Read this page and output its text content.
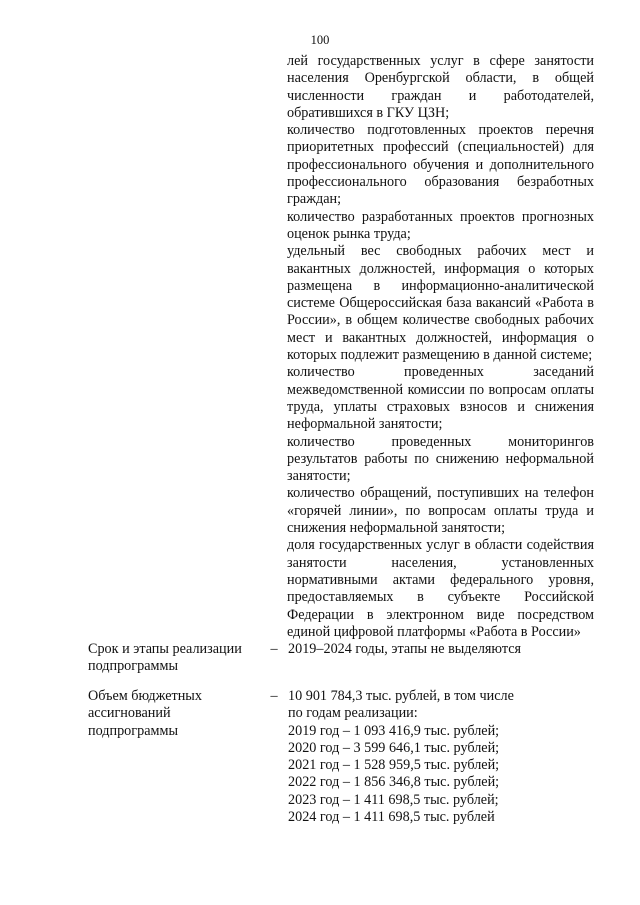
100
лей государственных услуг в сфере занятости населения Оренбургской области, в общей численности граждан и работодателей, обратившихся в ГКУ ЦЗН;
количество подготовленных проектов перечня приоритетных профессий (специальностей) для профессионального обучения и дополнительного профессионального образования безработных граждан;
количество разработанных проектов прогнозных оценок рынка труда;
удельный вес свободных рабочих мест и вакантных должностей, информация о которых размещена в информационно-аналитической системе Общероссийская база вакансий «Работа в России», в общем количестве свободных рабочих мест и вакантных должностей, информация о которых подлежит размещению в данной системе;
количество проведенных заседаний межведомственной комиссии по вопросам оплаты труда, уплаты страховых взносов и снижения неформальной занятости;
количество проведенных мониторингов результатов работы по снижению неформальной занятости;
количество обращений, поступивших на телефон «горячей линии», по вопросам оплаты труда и снижения неформальной занятости;
доля государственных услуг в области содействия занятости населения, установленных нормативными актами федерального уровня, предоставляемых в субъекте Российской Федерации в электронном виде посредством единой цифровой платформы «Работа в России»
Срок и этапы реализации
подпрограммы
– 2019–2024 годы, этапы не выделяются
Объем бюджетных
ассигнований
подпрограммы
– 10 901 784,3 тыс. рублей, в том числе
по годам реализации:
2019 год – 1 093 416,9 тыс. рублей;
2020 год – 3 599 646,1 тыс. рублей;
2021 год – 1 528 959,5 тыс. рублей;
2022 год – 1 856 346,8 тыс. рублей;
2023 год – 1 411 698,5 тыс. рублей;
2024 год – 1 411 698,5 тыс. рублей
